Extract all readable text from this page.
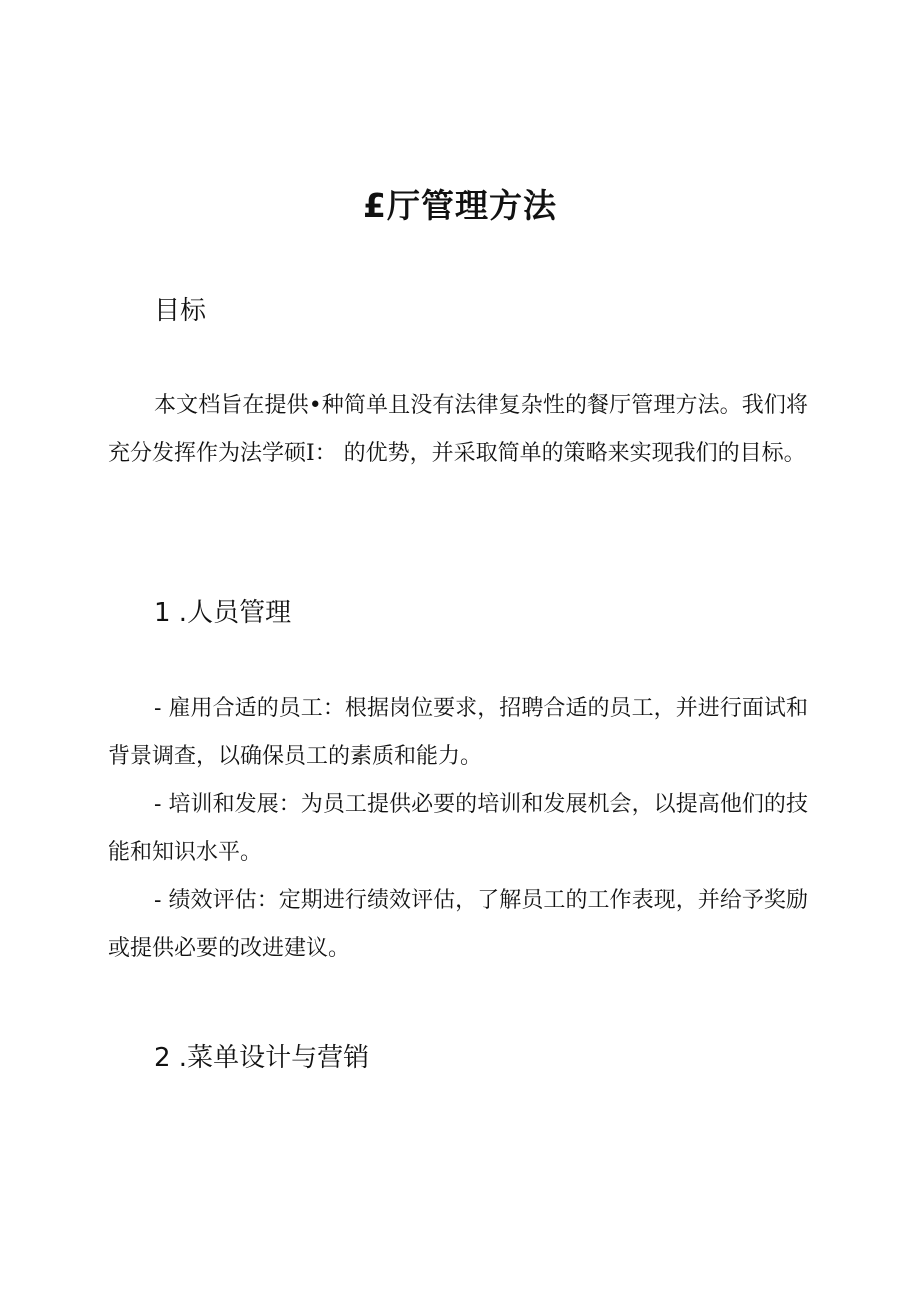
£厅管理方法
目标

本文档旨在提供•种简单且没有法律复杂性的餐厅管理方法。我们将充分发挥作为法学硕I： 的优势，并采取简单的策略来实现我们的目标。

1 .人员管理

- 雇用合适的员工：根据岗位要求，招聘合适的员工，并进行面试和背景调查，以确保员工的素质和能力。

- 培训和发展：为员工提供必要的培训和发展机会，以提高他们的技能和知识水平。

- 绩效评估：定期进行绩效评估，了解员工的工作表现，并给予奖励或提供必要的改进建议。

2 .菜单设计与营销
